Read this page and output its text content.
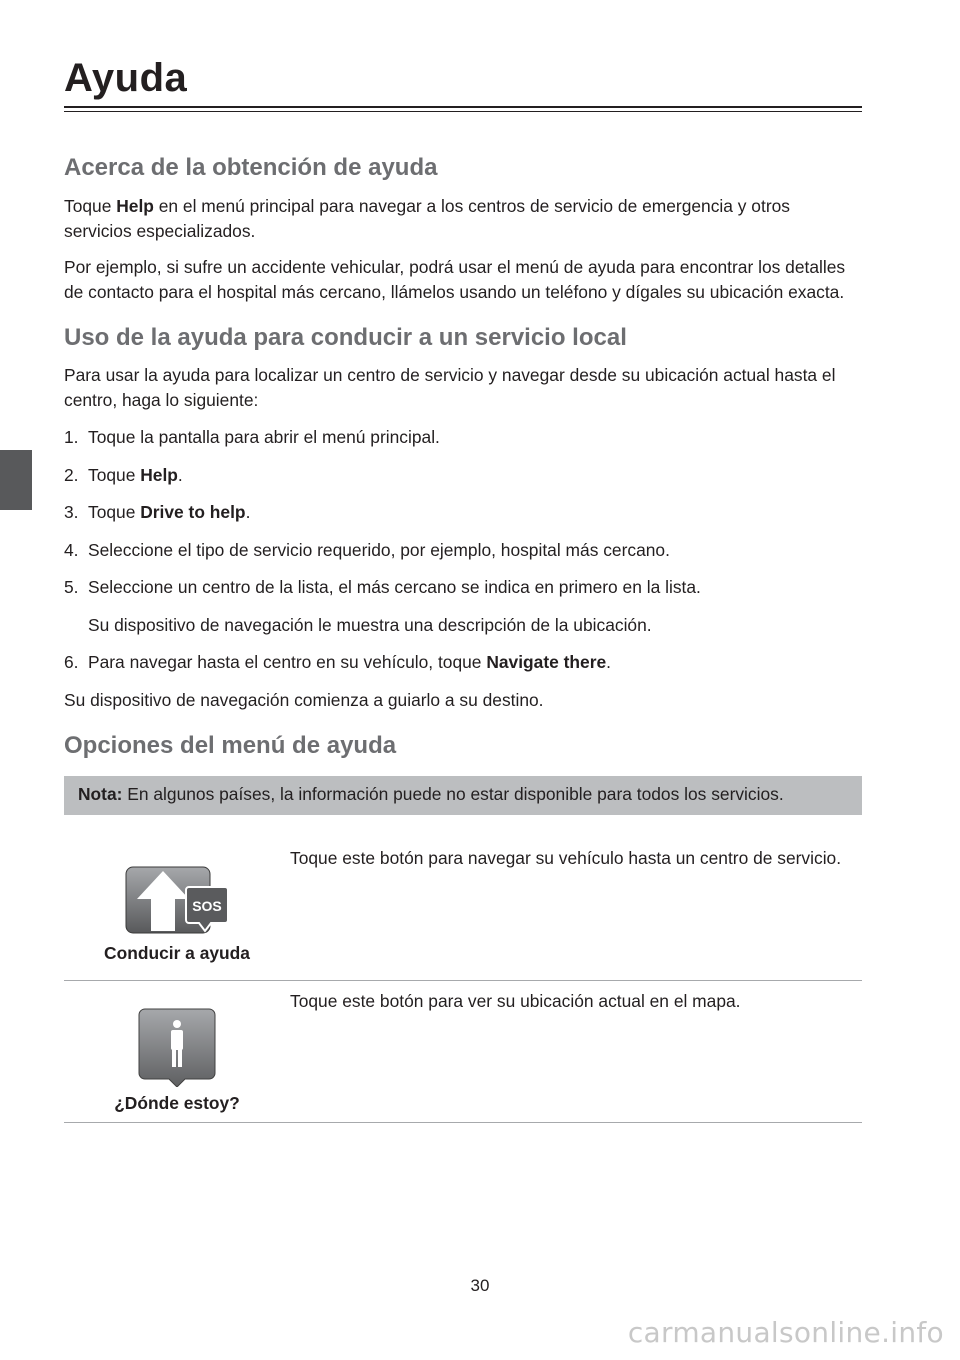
Ayuda
Acerca de la obtención de ayuda

Toque Help en el menú principal para navegar a los centros de servicio de emergencia y otros servicios especializados.

Por ejemplo, si sufre un accidente vehicular, podrá usar el menú de ayuda para encontrar los detalles de contacto para el hospital más cercano, llámelos usando un teléfono y dígales su ubicación exacta.

Uso de la ayuda para conducir a un servicio local

Para usar la ayuda para localizar un centro de servicio y navegar desde su ubicación actual hasta el centro, haga lo siguiente:

1. Toque la pantalla para abrir el menú principal.
2. Toque Help.
3. Toque Drive to help.
4. Seleccione el tipo de servicio requerido, por ejemplo, hospital más cercano.
5. Seleccione un centro de la lista, el más cercano se indica en primero en la lista.
Su dispositivo de navegación le muestra una descripción de la ubicación.
6. Para navegar hasta el centro en su vehículo, toque Navigate there.

Su dispositivo de navegación comienza a guiarlo a su destino.

Opciones del menú de ayuda
Nota: En algunos países, la información puede no estar disponible para todos los servicios.
SOS

Conducir a ayuda

Toque este botón para navegar su vehículo hasta un centro de servicio.

¿Dónde estoy?

Toque este botón para ver su ubicación actual en el mapa.
30
carmanualsonline.info
